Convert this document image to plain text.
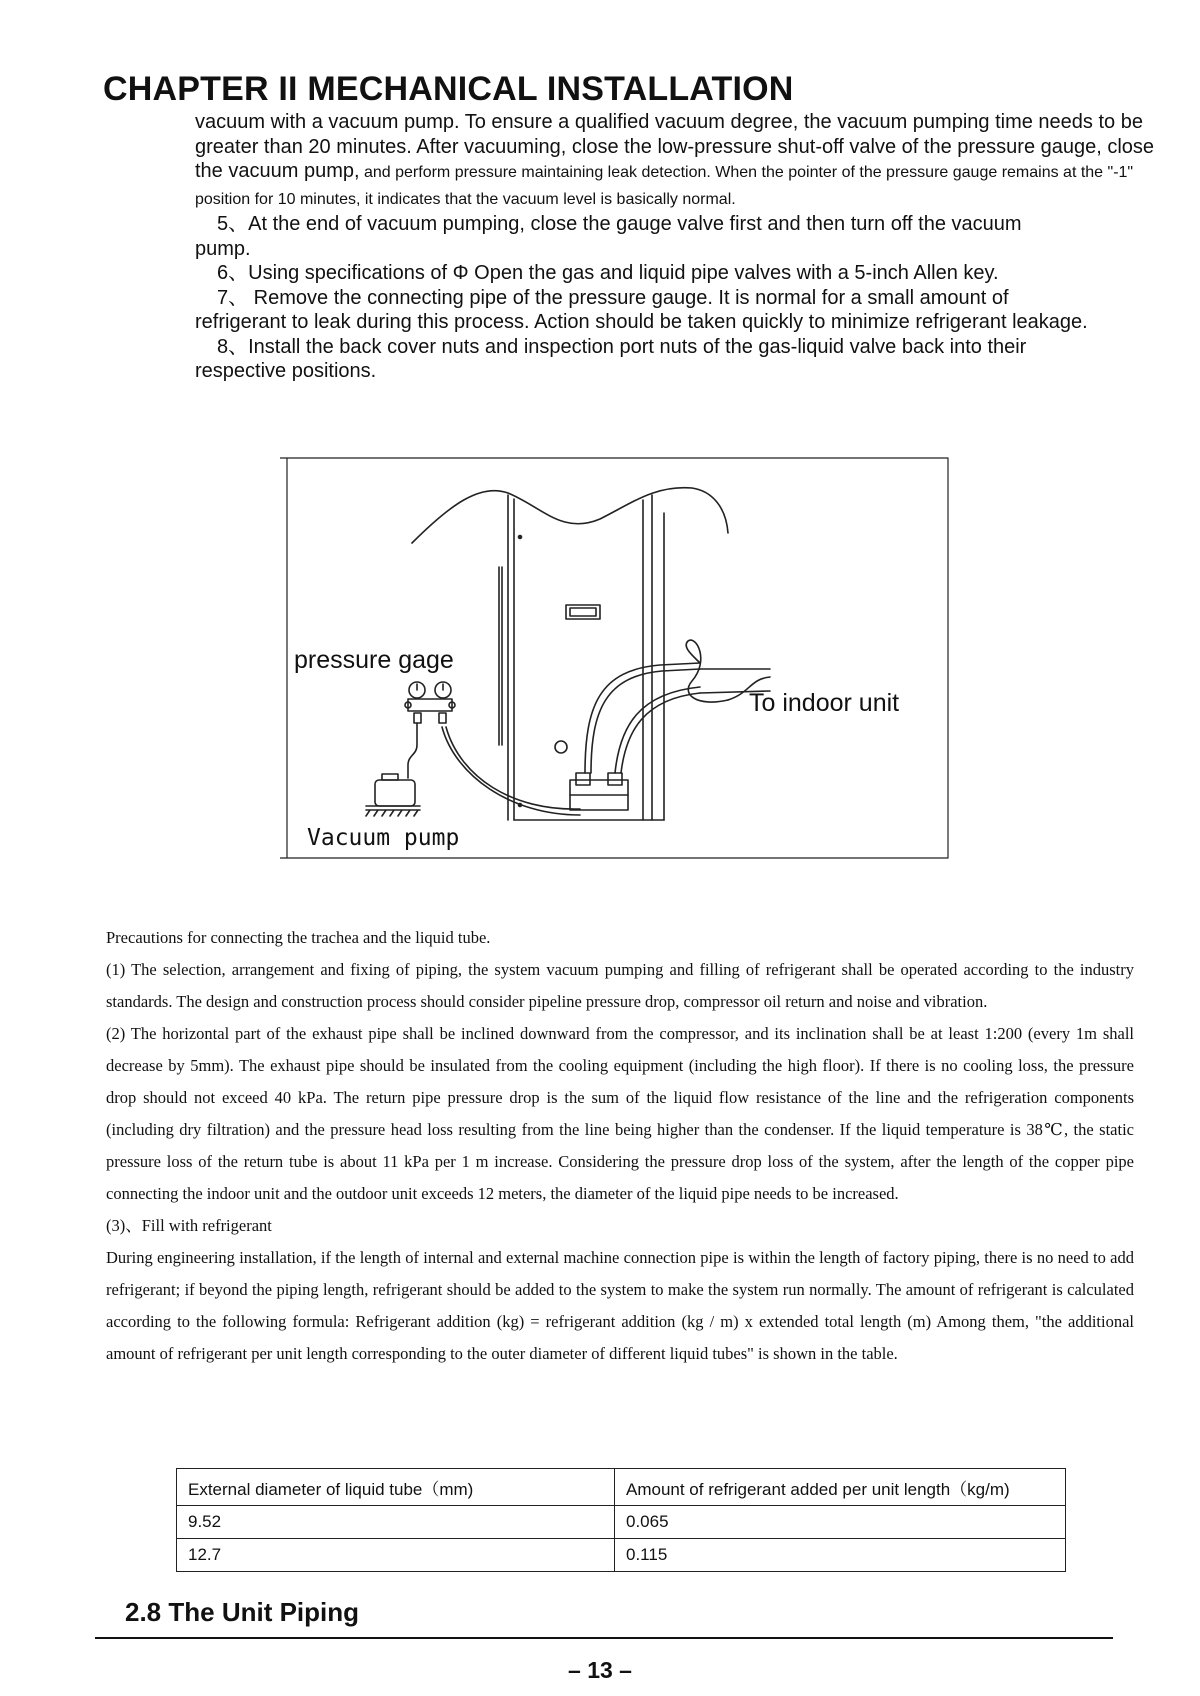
CHAPTER II MECHANICAL INSTALLATION

vacuum with a vacuum pump. To ensure a qualified vacuum degree, the vacuum pumping time needs to be greater than 20 minutes. After vacuuming, close the low-pressure shut-off valve of the pressure gauge, close the vacuum pump, and perform pressure maintaining leak detection. When the pointer of the pressure gauge remains at the "-1" position for 10 minutes, it indicates that the vacuum level is basically normal.

5、At the end of vacuum pumping, close the gauge valve first and then turn off the vacuum

pump.

6、Using specifications of Φ Open the gas and liquid pipe valves with a 5-inch Allen key.

7、 Remove the connecting pipe of the pressure gauge. It is normal for a small amount of

refrigerant to leak during this process. Action should be taken quickly to minimize refrigerant leakage.

8、Install the back cover nuts and inspection port nuts of the gas-liquid valve back into their

respective positions.

pressure gage
To indoor unit
Vacuum pump

Precautions for connecting the trachea and the liquid tube.

(1) The selection, arrangement and fixing of piping, the system vacuum pumping and filling of refrigerant shall be operated according to the industry standards. The design and construction process should consider pipeline pressure drop, compressor oil return and noise and vibration.

(2) The horizontal part of the exhaust pipe shall be inclined downward from the compressor, and its inclination shall be at least 1:200 (every 1m shall decrease by 5mm). The exhaust pipe should be insulated from the cooling equipment (including the high floor). If there is no cooling loss, the pressure drop should not exceed 40 kPa. The return pipe pressure drop is the sum of the liquid flow resistance of the line and the refrigeration components (including dry filtration) and the pressure head loss resulting from the line being higher than the condenser. If the liquid temperature is 38℃, the static pressure loss of the return tube is about 11 kPa per 1 m increase. Considering the pressure drop loss of the system, after the length of the copper pipe connecting the indoor unit and the outdoor unit exceeds 12 meters, the diameter of the liquid pipe needs to be increased.

(3)、Fill with refrigerant

During engineering installation, if the length of internal and external machine connection pipe is within the length of factory piping, there is no need to add refrigerant; if beyond the piping length, refrigerant should be added to the system to make the system run normally. The amount of refrigerant is calculated according to the following formula: Refrigerant addition (kg) = refrigerant addition (kg / m) x extended total length (m) Among them, "the additional amount of refrigerant per unit length corresponding to the outer diameter of different liquid tubes" is shown in the table.

External diameter of liquid tube（mm)	Amount of refrigerant added per unit length（kg/m)
9.52	0.065
12.7	0.115
2.8 The Unit Piping
– 13 –
